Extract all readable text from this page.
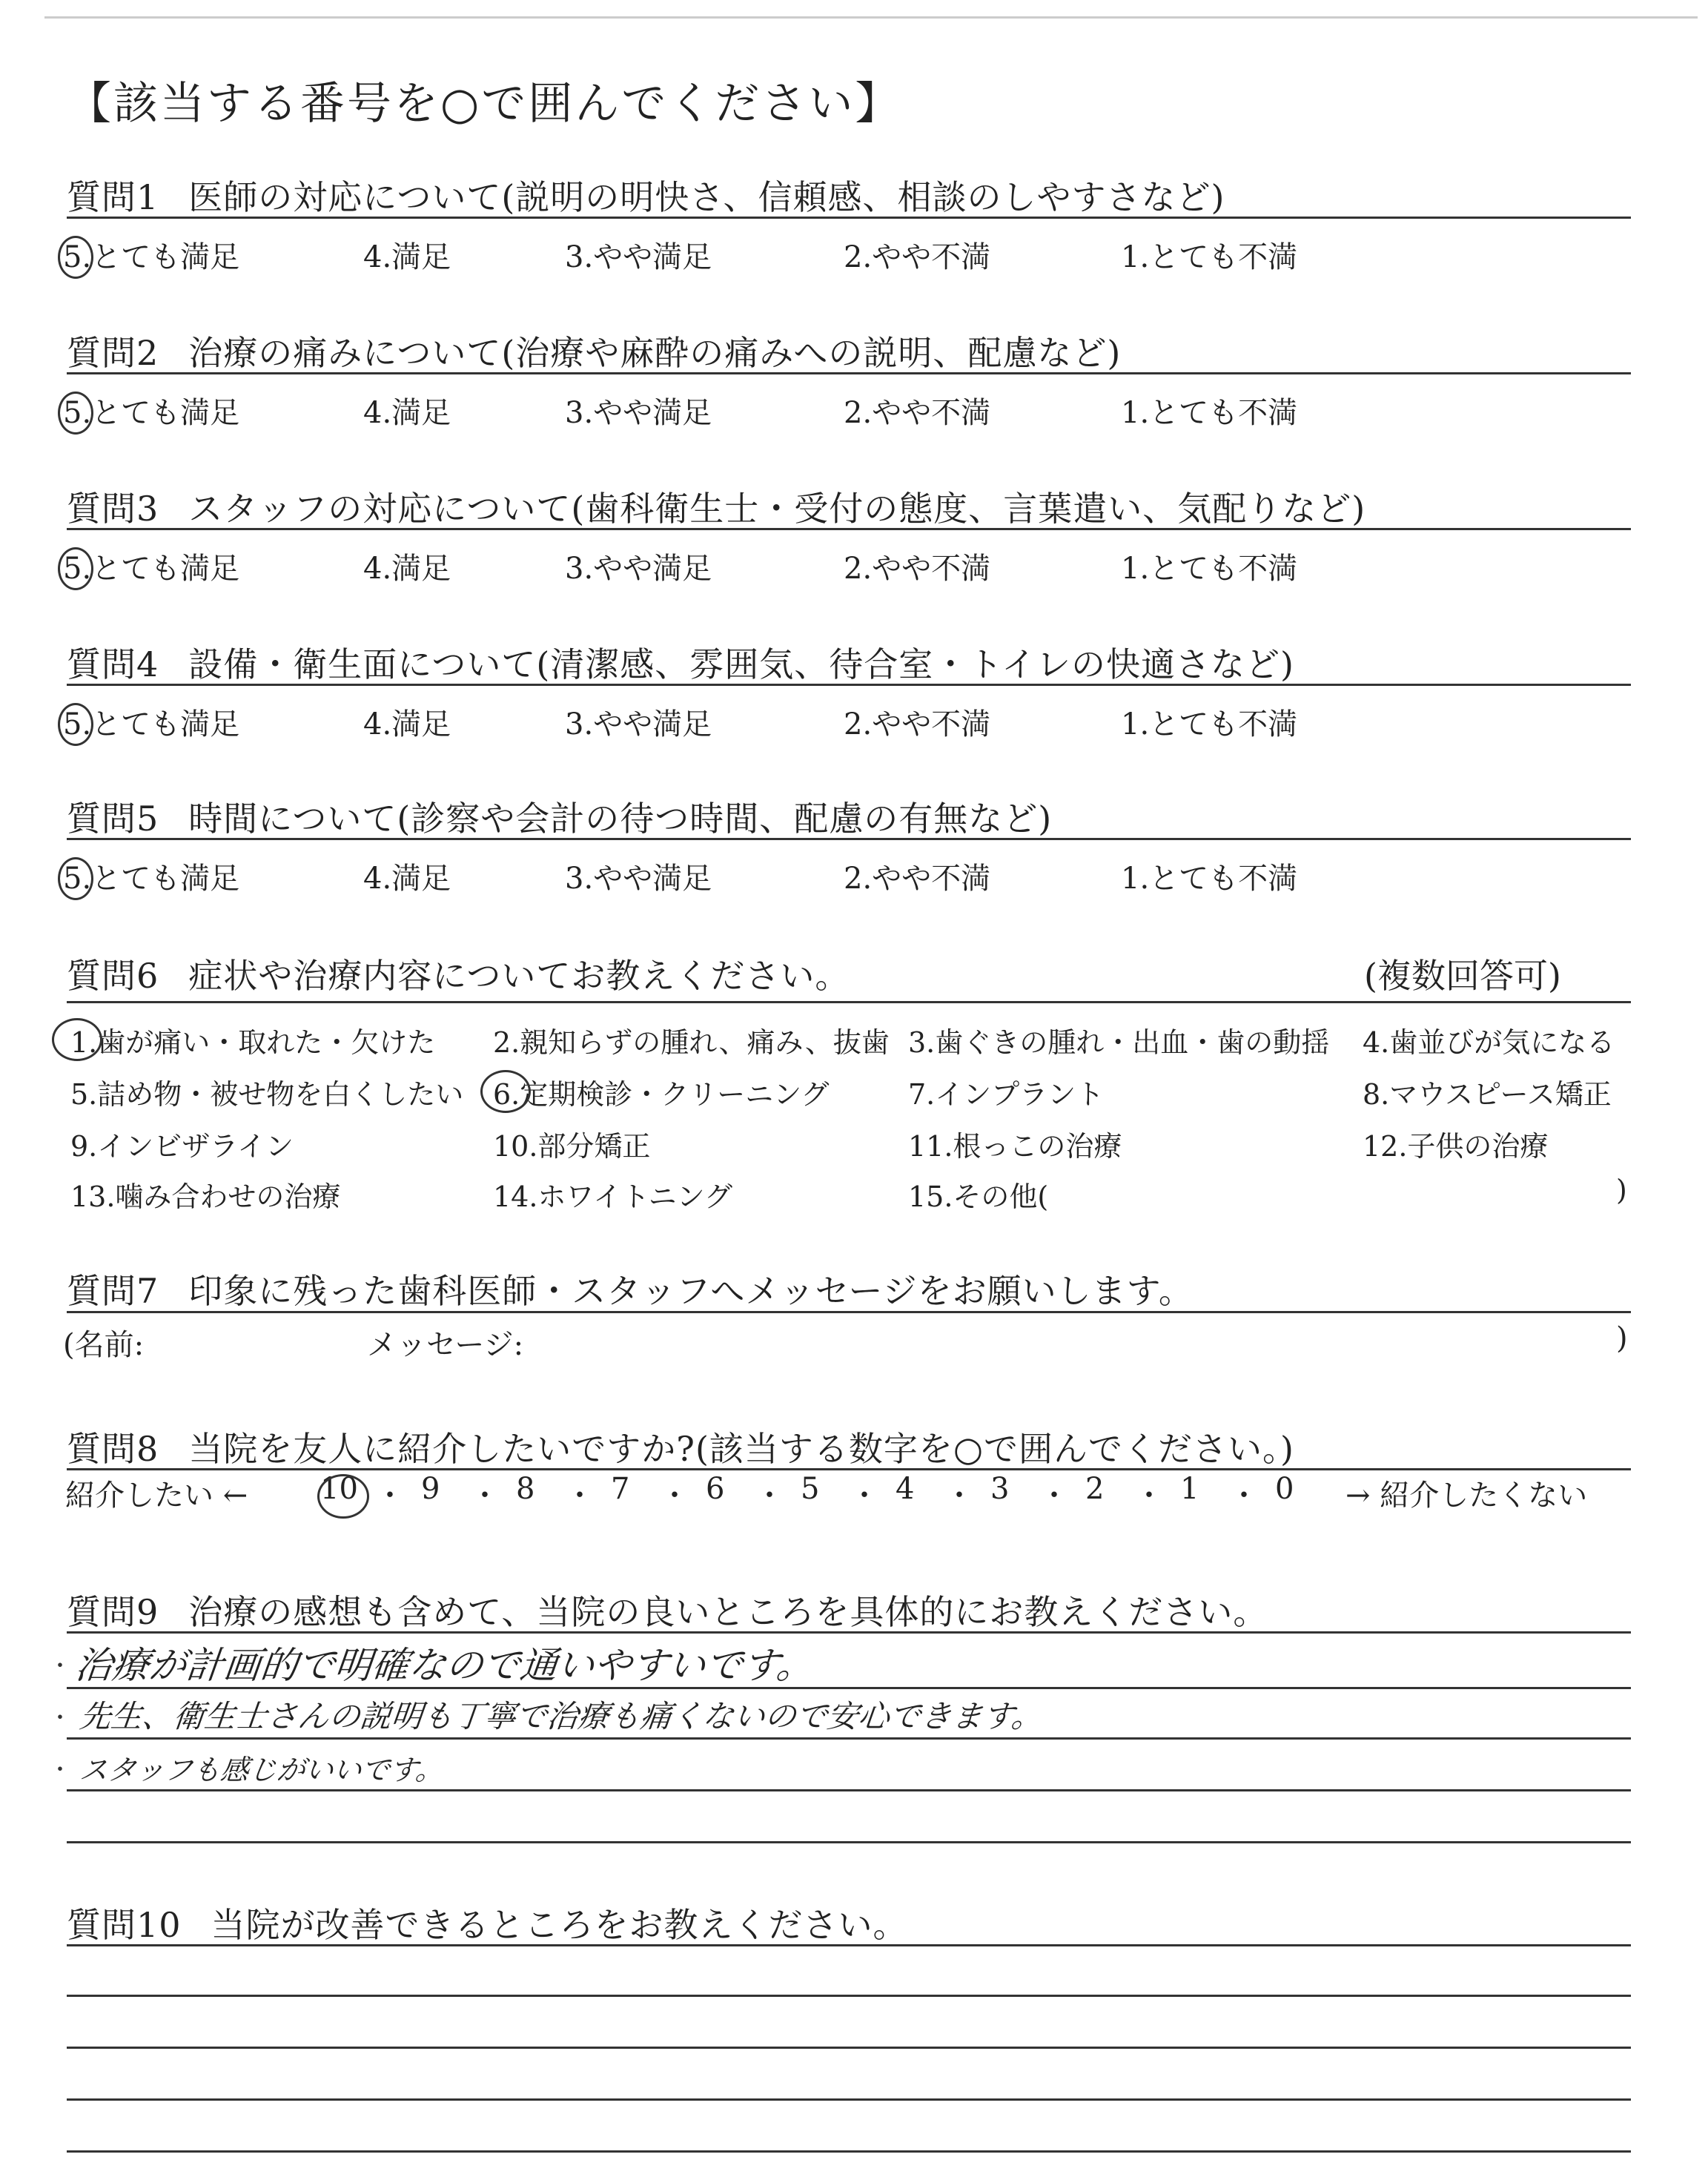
【該当する番号を○で囲んでください】
質問1 医師の対応について(説明の明快さ、信頼感、相談のしやすさなど)
5.とても満足	4.満足	3.やや満足	2.やや不満	1.とても不満
質問2 治療の痛みについて(治療や麻酔の痛みへの説明、配慮など)
5.とても満足	4.満足	3.やや満足	2.やや不満	1.とても不満
質問3 スタッフの対応について(歯科衛生士・受付の態度、言葉遣い、気配りなど)
5.とても満足	4.満足	3.やや満足	2.やや不満	1.とても不満
質問4 設備・衛生面について(清潔感、雰囲気、待合室・トイレの快適さなど)
5.とても満足	4.満足	3.やや満足	2.やや不満	1.とても不満
質問5 時間について(診察や会計の待つ時間、配慮の有無など)
5.とても満足	4.満足	3.やや満足	2.やや不満	1.とても不満
質問6 症状や治療内容についてお教えください。	(複数回答可)
1.歯が痛い・取れた・欠けた 2.親知らずの腫れ、痛み、抜歯 3.歯ぐきの腫れ・出血・歯の動揺 4.歯並びが気になる
5.詰め物・被せ物を白くしたい 6.定期検診・クリーニング	7.インプラント	8.マウスピース矯正
9.インビザライン	10.部分矯正	11.根っこの治療	12.子供の治療
13.噛み合わせの治療	14.ホワイトニング	15.その他(	)
質問7 印象に残った歯科医師・スタッフへメッセージをお願いします。
(名前:	メッセージ:	)
質問8 当院を友人に紹介したいですか?(該当する数字を○で囲んでください。)
紹介したい ←	→ 紹介したくない
10 ・ 9 ・ 8 ・ 7 ・ 6 ・ 5 ・ 4 ・ 3 ・ 2 ・ 1 ・ 0
質問9 治療の感想も含めて、当院の良いところを具体的にお教えください。
・
・
・
治療が計画的で明確なので通いやすいです。
先生、衛生士さんの説明も丁寧で治療も痛くないので安心できます。
スタッフも感じがいいです。
質問10 当院が改善できるところをお教えください。
